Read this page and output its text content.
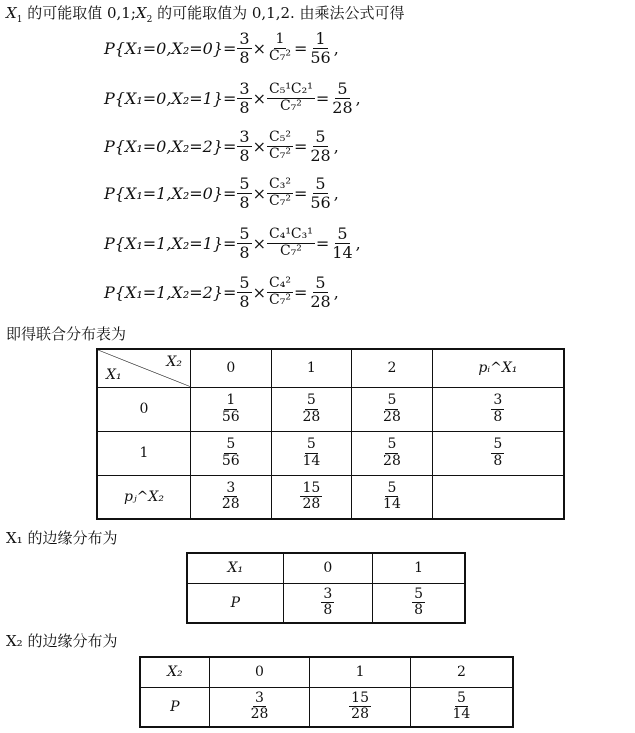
$X_1$ 的可能取值 $0,1;X_2$ 的可能取值为 0,1,2. 由乘法公式可得
$P\{X_1=0,X_2=0\}= \frac{3}{8} \times \frac{1}{\text{C₇²}} = \frac{1}{56}$ ,
$P\{X_1=0,X_2=1\}= \frac{3}{8} \times \frac{\text{C₅¹C₂¹}}{\text{C₇²}} = \frac{5}{28}$ ,
$P\{X_1=0,X_2=2\}= \frac{3}{8} \times \frac{\text{C₅²}}{\text{C₇²}} = \frac{5}{28}$ ,
$P\{X_1=1,X_2=0\}= \frac{5}{8} \times \frac{\text{C₃²}}{\text{C₇²}} = \frac{5}{56}$ ,
$P\{X_1=1,X_2=1\}= \frac{5}{8} \times \frac{\text{C₄¹C₃¹}}{\text{C₇²}} = \frac{5}{14}$ ,
$P\{X_1=1,X_2=2\}= \frac{5}{8} \times \frac{\text{C₄²}}{\text{C₇²}} = \frac{5}{28}$ ,
即得联合分布表为
X₂
X₁	0	1	2	pᵢ^X₁
0	$\frac{1}{56}$	$\frac{5}{28}$	$\frac{5}{28}$	$\frac{3}{8}$

1	$\frac{5}{56}$	$\frac{5}{14}$	$\frac{5}{28}$	$\frac{5}{8}$

pⱼ^X₂	$\frac{3}{28}$	$\frac{15}{28}$	$\frac{5}{14}$

X₁ 的边缘分布为
X₁	0	1
P	$\frac{3}{8}$	$\frac{5}{8}$
X₂ 的边缘分布为
X₂	0	1	2
P	$\frac{3}{28}$	$\frac{15}{28}$	$\frac{5}{14}$
